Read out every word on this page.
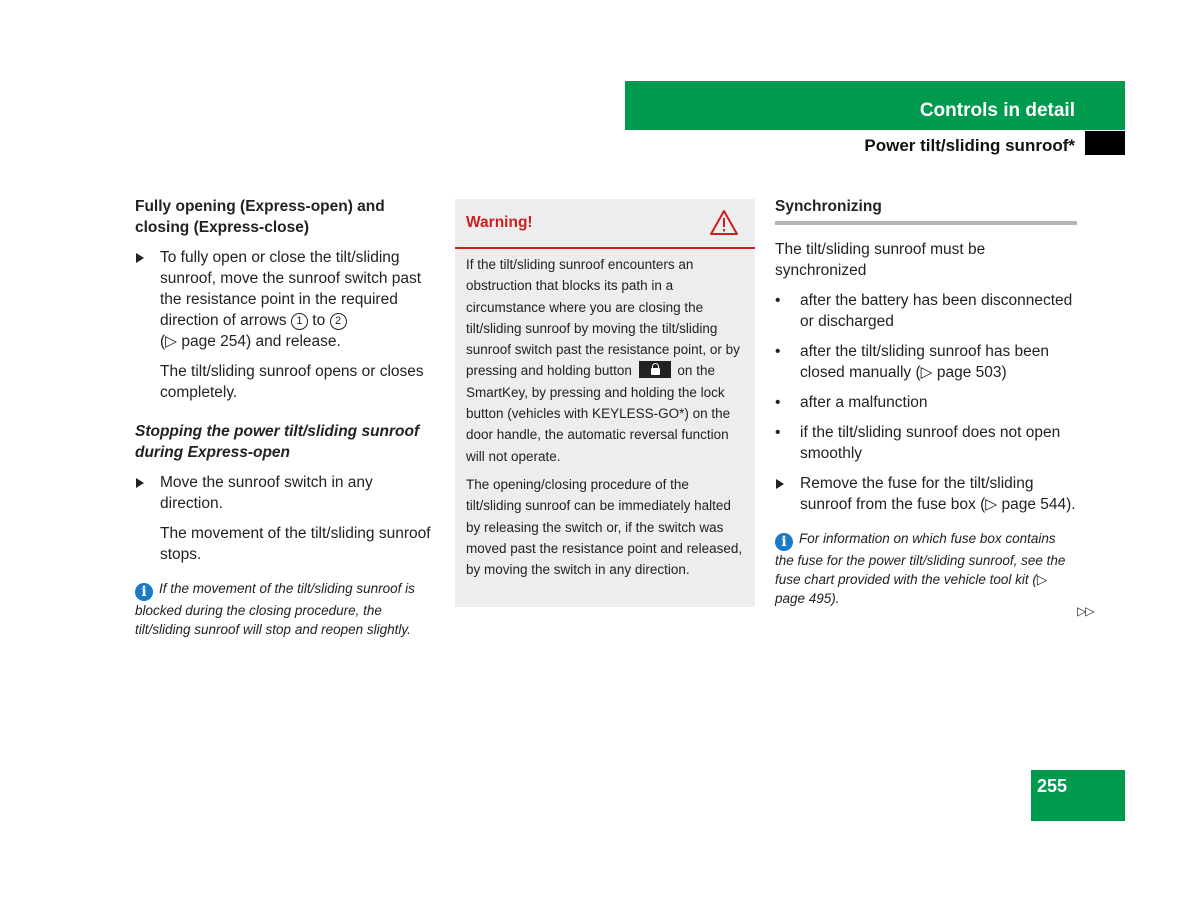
Controls in detail
Power tilt/sliding sunroof*
Fully opening (Express-open) and closing (Express-close)
To fully open or close the tilt/sliding sunroof, move the sunroof switch past the resistance point in the required direction of arrows 1 to 2
(▷ page 254) and release.
The tilt/sliding sunroof opens or closes completely.
Stopping the power tilt/sliding sunroof during Express-open
Move the sunroof switch in any direction.
The movement of the tilt/sliding sunroof stops.
i If the movement of the tilt/sliding sunroof is blocked during the closing procedure, the tilt/sliding sunroof will stop and reopen slightly.
Warning!

If the tilt/sliding sunroof encounters an obstruction that blocks its path in a circumstance where you are closing the tilt/sliding sunroof by moving the tilt/sliding sunroof switch past the resistance point, or by pressing and holding button	on the SmartKey, by pressing and holding the lock button (vehicles with KEYLESS-GO*) on the door handle, the automatic reversal function will not operate.

The opening/closing procedure of the tilt/sliding sunroof can be immediately halted by releasing the switch or, if the switch was moved past the resistance point and released, by moving the switch in any direction.

Synchronizing
The tilt/sliding sunroof must be synchronized
• after the battery has been disconnected or discharged
• after the tilt/sliding sunroof has been closed manually (▷ page 503)
• after a malfunction
• if the tilt/sliding sunroof does not open smoothly
Remove the fuse for the tilt/sliding sunroof from the fuse box (▷ page 544).
i For information on which fuse box contains the fuse for the power tilt/sliding sunroof, see the fuse chart provided with the vehicle tool kit (▷ page 495).
▷▷
255
